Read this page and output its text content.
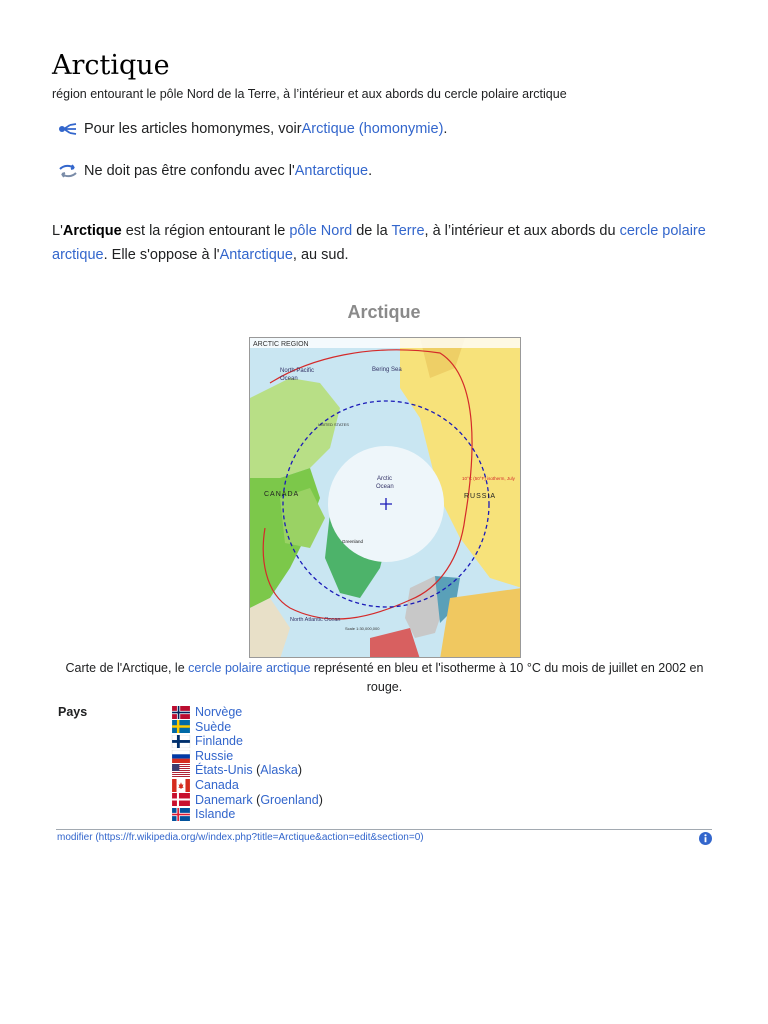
Arctique
région entourant le pôle Nord de la Terre, à l’intérieur et aux abords du cercle polaire arctique
Pour les articles homonymes, voir Arctique (homonymie) .
Ne doit pas être confondu avec l' Antarctique .

L'Arctique est la région entourant le pôle Nord de la Terre, à l’intérieur et aux abords du cercle polaire arctique. Elle s'oppose à l'Antarctique, au sud.

Arctique
ARCTIC REGION
North Pacific
Ocean
Bering Sea
UNITED STATES
CANADA	RUSSIA
Arctic
Ocean
10°C (50°F) isotherm, July
Greenland
North Atlantic Ocean
Scale 1:30,000,000

Carte de l'Arctique, le cercle polaire arctique représenté en bleu et l'isotherme à 10 °C du mois de juillet en 2002 en rouge.

Pays	Norvège
Suède
Finlande
Russie
États-Unis ( Alaska )
Canada
Danemark ( Groenland )
Islande
modifier (https://fr.wikipedia.org/w/index.php?title=Arctique&action=edit&section=0)
